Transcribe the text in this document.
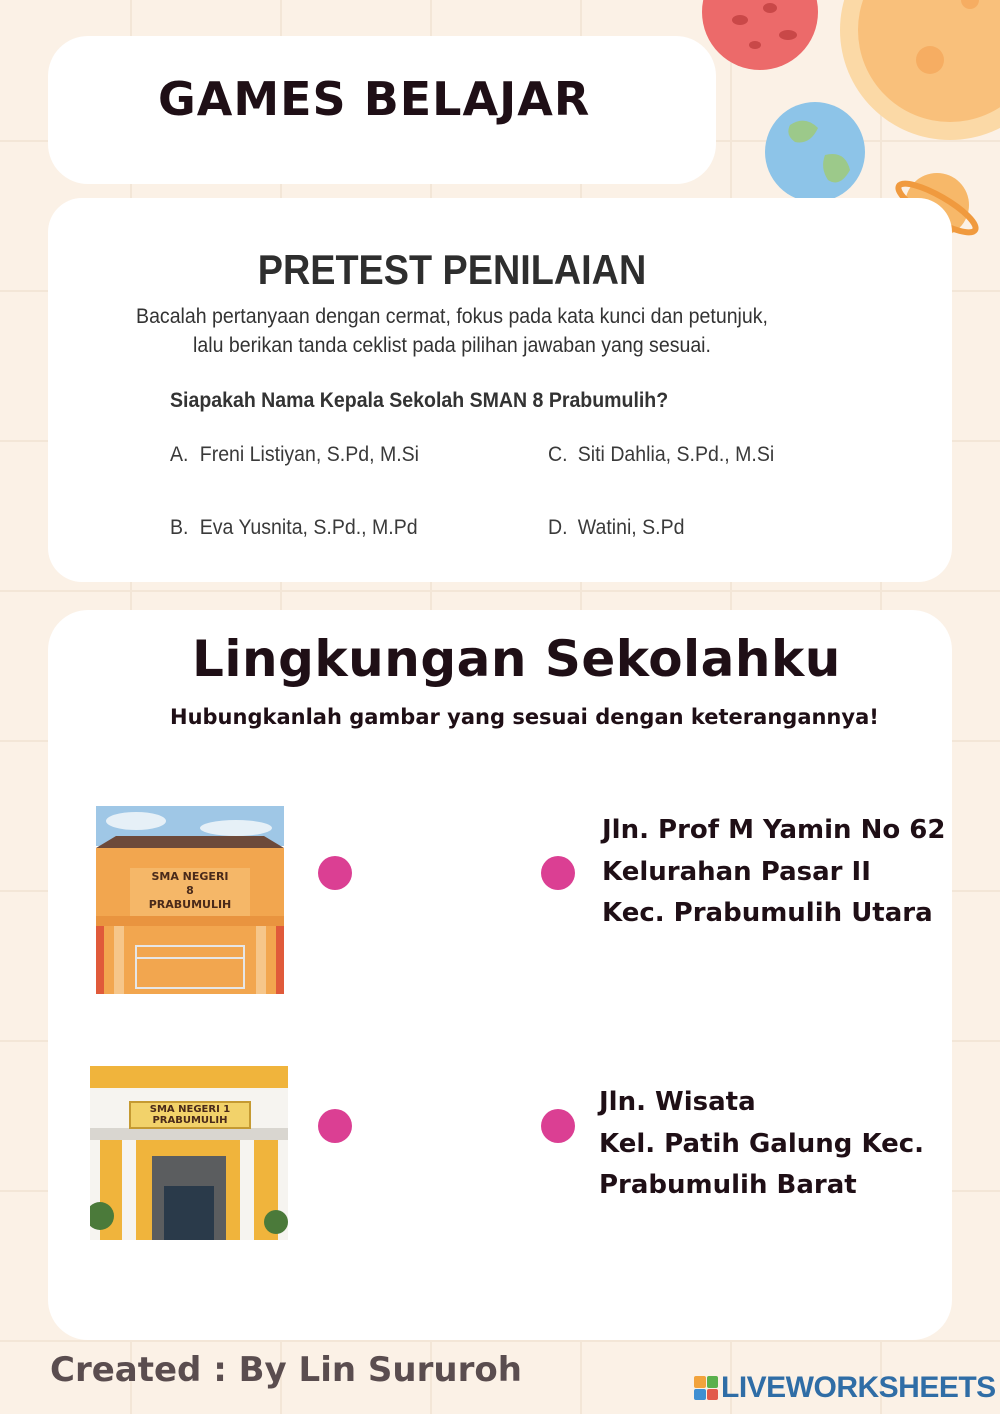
GAMES BELAJAR
PRETEST PENILAIAN
Bacalah pertanyaan dengan cermat, fokus pada kata kunci dan petunjuk,
lalu berikan tanda ceklist pada pilihan jawaban yang sesuai.
Siapakah Nama Kepala Sekolah SMAN 8 Prabumulih?
A. Freni Listiyan, S.Pd, M.Si
B. Eva Yusnita, S.Pd., M.Pd
C. Siti Dahlia, S.Pd., M.Si
D. Watini, S.Pd
Lingkungan Sekolahku
Hubungkanlah gambar yang sesuai dengan keterangannya!
SMA NEGERI
8
PRABUMULIH
SMA NEGERI 1
PRABUMULIH
Jln. Prof M Yamin No 62
Kelurahan Pasar II
Kec. Prabumulih Utara
Jln. Wisata
Kel. Patih Galung Kec.
Prabumulih Barat
Created : By Lin Sururoh	LIVEWORKSHEETS
